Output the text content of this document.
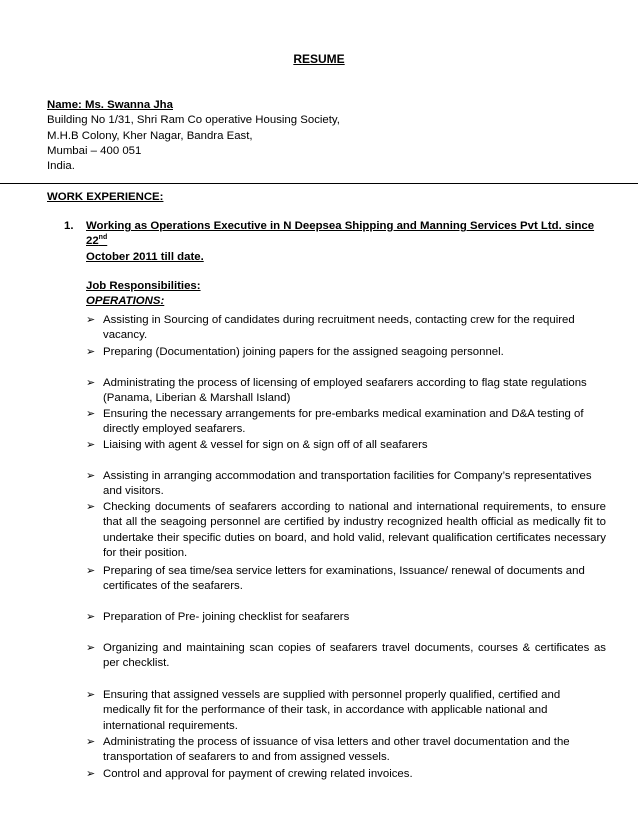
RESUME
Name: Ms. Swanna Jha
Building No 1/31, Shri Ram Co operative Housing Society,
M.H.B Colony, Kher Nagar, Bandra East,
Mumbai – 400 051
India.
WORK EXPERIENCE:
1. Working as Operations Executive in N Deepsea Shipping and Manning Services Pvt Ltd. since 22nd
October 2011 till date.
Job Responsibilities:
OPERATIONS:
➢ Assisting in Sourcing of candidates during recruitment needs, contacting crew for the required vacancy.
➢ Preparing (Documentation) joining papers for the assigned seagoing personnel.
➢ Administrating the process of licensing of employed seafarers according to flag state regulations (Panama, Liberian & Marshall Island)
➢ Ensuring the necessary arrangements for pre-embarks medical examination and D&A testing of directly employed seafarers.
➢ Liaising with agent & vessel for sign on & sign off of all seafarers
➢ Assisting in arranging accommodation and transportation facilities for Company’s representatives and visitors.
➢ Checking documents of seafarers according to national and international requirements, to ensure that all the seagoing personnel are certified by industry recognized health official as medically fit to undertake their specific duties on board, and hold valid, relevant qualification certificates necessary for their position.
➢ Preparing of sea time/sea service letters for examinations, Issuance/ renewal of documents and certificates of the seafarers.
➢ Preparation of Pre- joining checklist for seafarers
➢ Organizing and maintaining scan copies of seafarers travel documents, courses & certificates as per checklist.
➢ Ensuring that assigned vessels are supplied with personnel properly qualified, certified and medically fit for the performance of their task, in accordance with applicable national and international requirements.
➢ Administrating the process of issuance of visa letters and other travel documentation and the transportation of seafarers to and from assigned vessels.
➢ Control and approval for payment of crewing related invoices.
